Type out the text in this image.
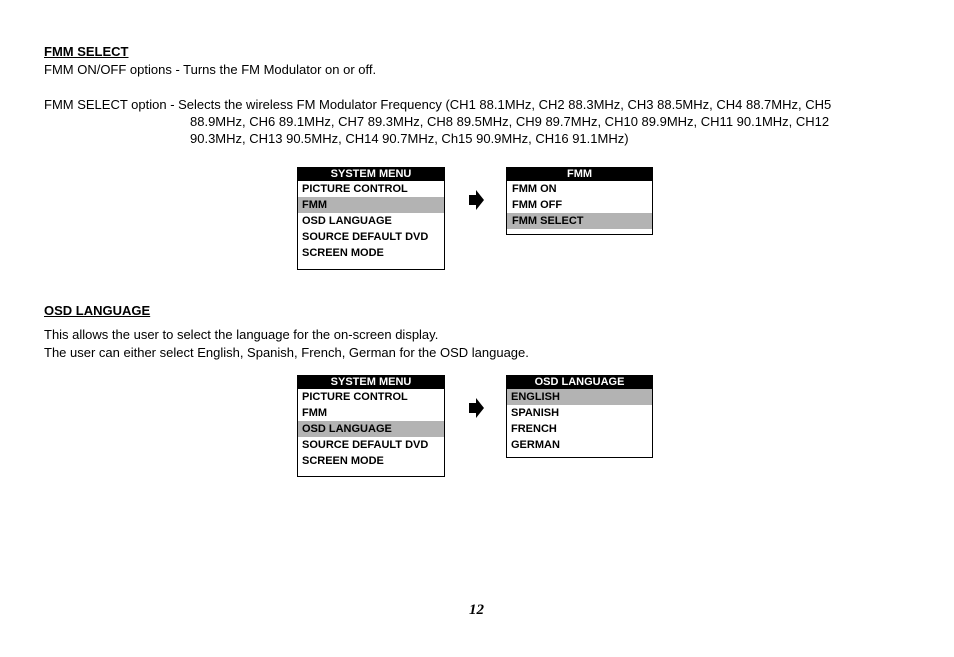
FMM SELECT
FMM ON/OFF options - Turns the FM Modulator on or off.
FMM SELECT option - Selects the wireless FM Modulator Frequency (CH1 88.1MHz, CH2 88.3MHz, CH3 88.5MHz, CH4 88.7MHz, CH5
88.9MHz, CH6 89.1MHz, CH7 89.3MHz, CH8 89.5MHz, CH9 89.7MHz, CH10 89.9MHz, CH11 90.1MHz, CH12
90.3MHz, CH13 90.5MHz, CH14 90.7MHz, Ch15 90.9MHz, CH16 91.1MHz)
SYSTEM MENU
PICTURE CONTROL
FMM
OSD LANGUAGE
SOURCE DEFAULT DVD
SCREEN MODE
FMM
FMM ON
FMM OFF
FMM SELECT
OSD LANGUAGE
This allows the user to select the language for the on-screen display.
The user can either select English, Spanish, French, German for the OSD language.
SYSTEM MENU
PICTURE CONTROL
FMM
OSD LANGUAGE
SOURCE DEFAULT DVD
SCREEN MODE
OSD LANGUAGE
ENGLISH
SPANISH
FRENCH
GERMAN
12
